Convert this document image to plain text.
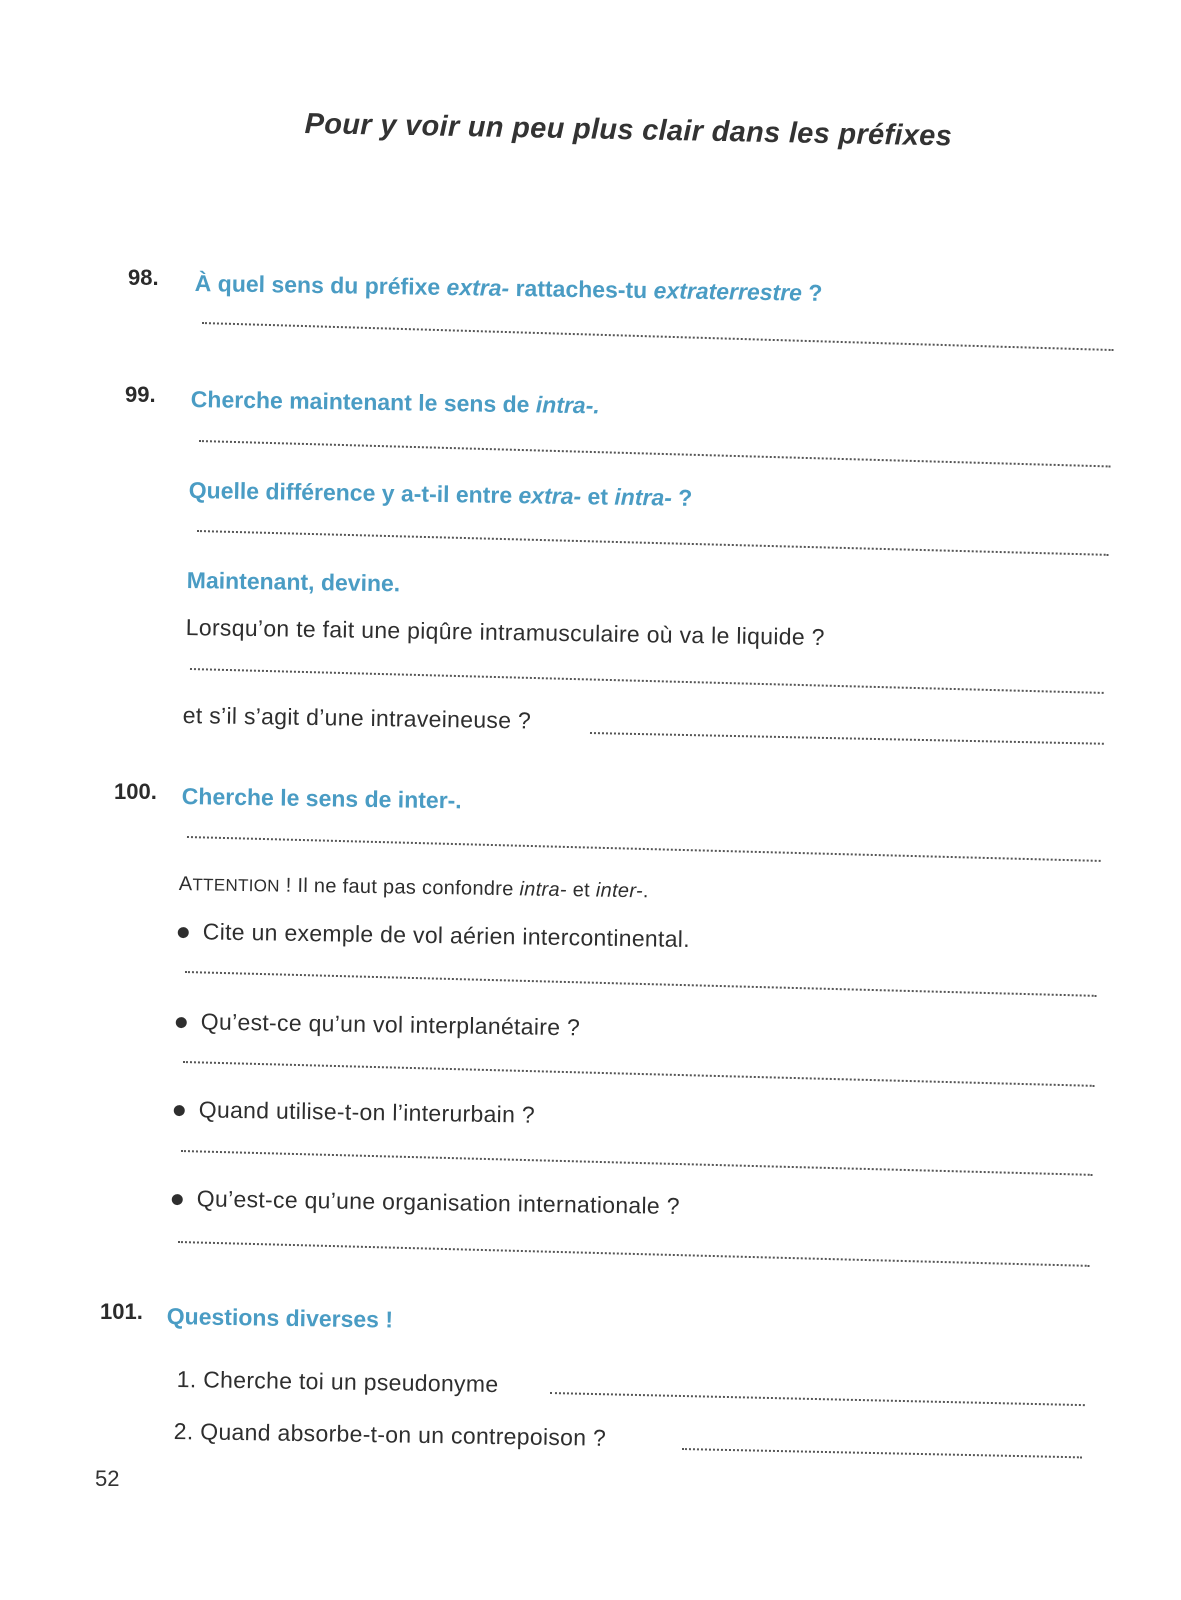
Pour y voir un peu plus clair dans les préfixes
98. À quel sens du préfixe extra- rattaches-tu extraterrestre ?
99. Cherche maintenant le sens de intra-.
Quelle différence y a-t-il entre extra- et intra- ?
Maintenant, devine.
Lorsqu’on te fait une piqûre intramusculaire où va le liquide ?
et s’il s’agit d’une intraveineuse ?
100. Cherche le sens de inter-.
ATTENTION ! Il ne faut pas confondre intra- et inter-.
Cite un exemple de vol aérien intercontinental.
Qu’est-ce qu’un vol interplanétaire ?
Quand utilise-t-on l’interurbain ?
Qu’est-ce qu’une organisation internationale ?
101. Questions diverses !
1. Cherche toi un pseudonyme
2. Quand absorbe-t-on un contrepoison ?
52
